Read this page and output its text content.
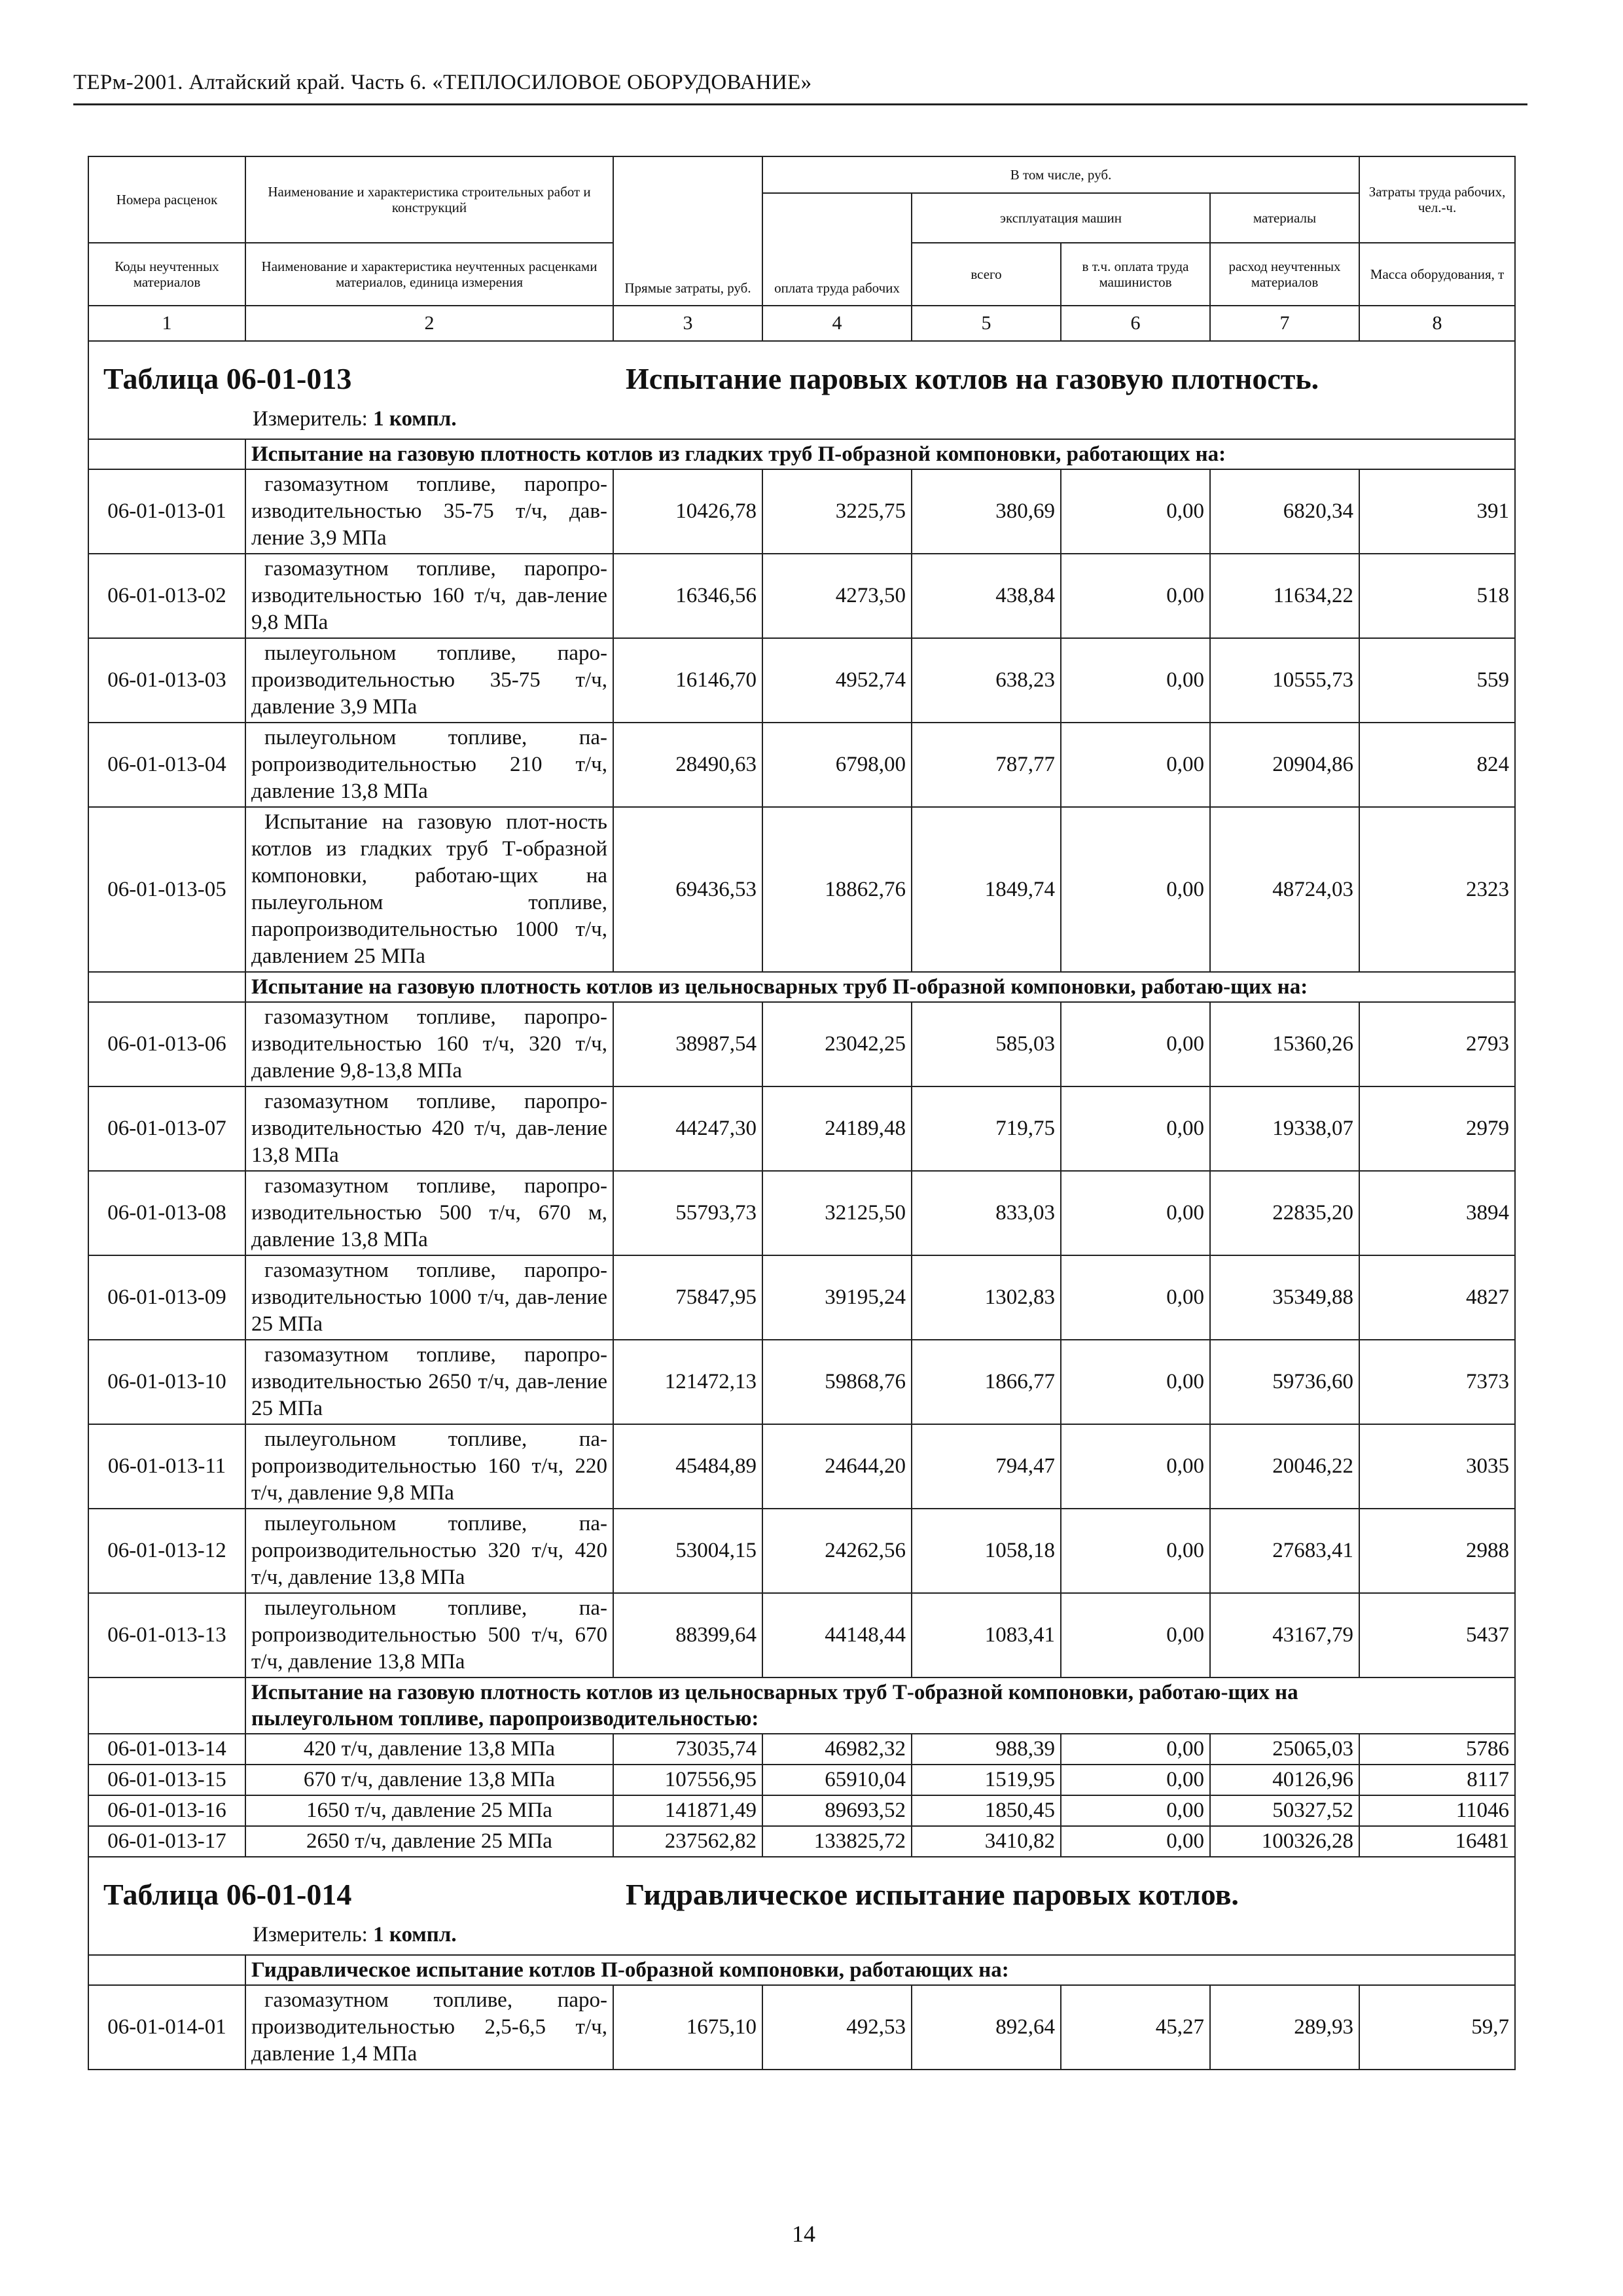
ТЕРм-2001. Алтайский край. Часть 6. «ТЕПЛОСИЛОВОЕ ОБОРУДОВАНИЕ»
Номера расценок	Наименование и характеристика строительных работ и конструкций	Прямые затраты, руб.	В том числе, руб.				Затраты труда рабочих, чел.-ч.
			оплата труда рабочих	эксплуатация машин		материалы	
Коды неучтенных материалов	Наименование и характеристика неучтенных расценками материалов, единица измерения			всего	в т.ч. оплата труда машинистов	расход неучтенных материалов	Масса оборудования, т
1	2	3	4	5	6	7	8

Таблица 06-01-013 Испытание паровых котлов на газовую плотность.
Измеритель: 1 компл.							

	Испытание на газовую плотность котлов из гладких труб П-образной компоновки, работающих на:						
06-01-013-01	газомазутном топливе, паропро-изводительностью 35-75 т/ч, дав-ление 3,9 МПа	10426,78	3225,75	380,69	0,00	6820,34	391
06-01-013-02	газомазутном топливе, паропро-изводительностью 160 т/ч, дав-ление 9,8 МПа	16346,56	4273,50	438,84	0,00	11634,22	518
06-01-013-03	пылеугольном топливе, паро-производительностью 35-75 т/ч, давление 3,9 МПа	16146,70	4952,74	638,23	0,00	10555,73	559
06-01-013-04	пылеугольном топливе, па-ропроизводительностью 210 т/ч, давление 13,8 МПа	28490,63	6798,00	787,77	0,00	20904,86	824
06-01-013-05	Испытание на газовую плот-ность котлов из гладких труб Т-образной компоновки, работаю-щих на пылеугольном топливе, паропроизводительностью 1000 т/ч, давлением 25 МПа	69436,53	18862,76	1849,74	0,00	48724,03	2323
	Испытание на газовую плотность котлов из цельносварных труб П-образной компоновки, работаю-щих на:						
06-01-013-06	газомазутном топливе, паропро-изводительностью 160 т/ч, 320 т/ч, давление 9,8-13,8 МПа	38987,54	23042,25	585,03	0,00	15360,26	2793
06-01-013-07	газомазутном топливе, паропро-изводительностью 420 т/ч, дав-ление 13,8 МПа	44247,30	24189,48	719,75	0,00	19338,07	2979
06-01-013-08	газомазутном топливе, паропро-изводительностью 500 т/ч, 670 м, давление 13,8 МПа	55793,73	32125,50	833,03	0,00	22835,20	3894
06-01-013-09	газомазутном топливе, паропро-изводительностью 1000 т/ч, дав-ление 25 МПа	75847,95	39195,24	1302,83	0,00	35349,88	4827
06-01-013-10	газомазутном топливе, паропро-изводительностью 2650 т/ч, дав-ление 25 МПа	121472,13	59868,76	1866,77	0,00	59736,60	7373
06-01-013-11	пылеугольном топливе, па-ропроизводительностью 160 т/ч, 220 т/ч, давление 9,8 МПа	45484,89	24644,20	794,47	0,00	20046,22	3035
06-01-013-12	пылеугольном топливе, па-ропроизводительностью 320 т/ч, 420 т/ч, давление 13,8 МПа	53004,15	24262,56	1058,18	0,00	27683,41	2988
06-01-013-13	пылеугольном топливе, па-ропроизводительностью 500 т/ч, 670 т/ч, давление 13,8 МПа	88399,64	44148,44	1083,41	0,00	43167,79	5437
	Испытание на газовую плотность котлов из цельносварных труб Т-образной компоновки, работаю-щих на пылеугольном топливе, паропроизводительностью:						
06-01-013-14	420 т/ч, давление 13,8 МПа	73035,74	46982,32	988,39	0,00	25065,03	5786
06-01-013-15	670 т/ч, давление 13,8 МПа	107556,95	65910,04	1519,95	0,00	40126,96	8117
06-01-013-16	1650 т/ч, давление 25 МПа	141871,49	89693,52	1850,45	0,00	50327,52	11046
06-01-013-17	2650 т/ч, давление 25 МПа	237562,82	133825,72	3410,82	0,00	100326,28	16481

Таблица 06-01-014 Гидравлическое испытание паровых котлов.
Измеритель: 1 компл.							

	Гидравлическое испытание котлов П-образной компоновки, работающих на:						
06-01-014-01	газомазутном топливе, паро-производительностью 2,5-6,5 т/ч, давление 1,4 МПа	1675,10	492,53	892,64	45,27	289,93	59,7
14
